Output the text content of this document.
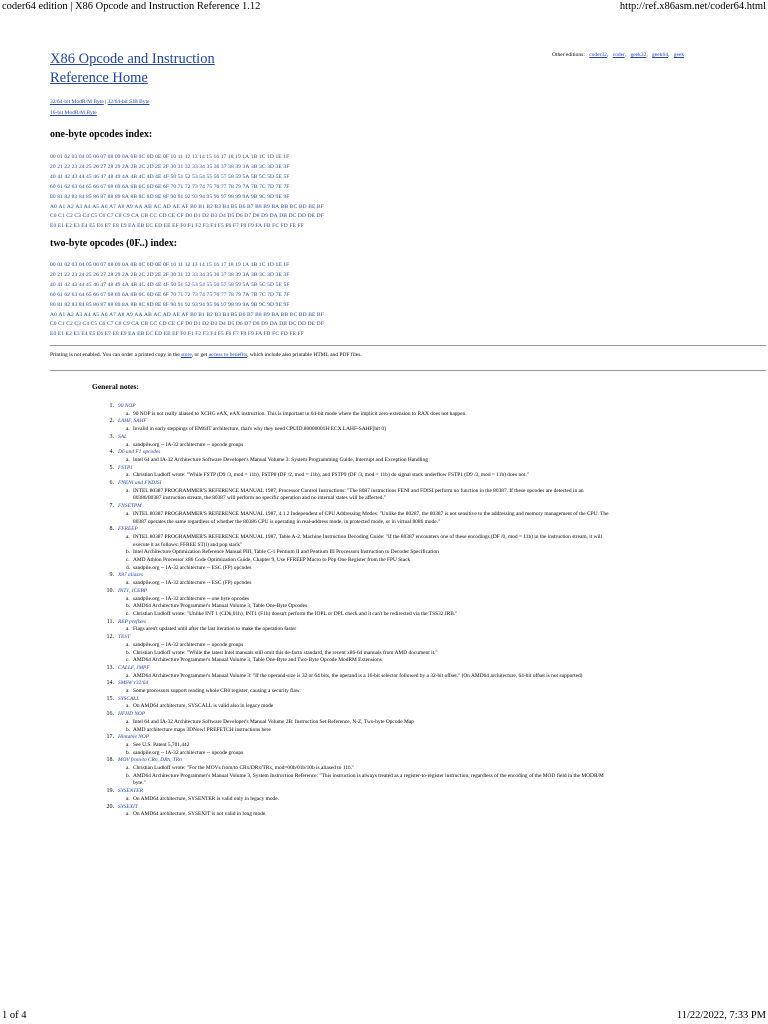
coder64 edition | X86 Opcode and Instruction Reference 1.12	http://ref.x86asm.net/coder64.html
X86 Opcode and Instruction Reference Home
Other editions: coder32, coder, geek32, geek64, geek
32/64-bit ModR/M Byte | 32/64-bit SIB Byte
16-bit ModR/M Byte
one-byte opcodes index:
00 01 02 03 04 05 06 07 08 09 0A 0B 0C 0D 0E 0F 10 11 12 13 14 15 16 17 18 19 1A 1B 1C 1D 1E 1F
20 21 22 23 24 25 26 27 28 29 2A 2B 2C 2D 2E 2F 30 31 32 33 34 35 36 37 38 39 3A 3B 3C 3D 3E 3F
40 41 42 43 44 45 46 47 48 49 4A 4B 4C 4D 4E 4F 50 51 52 53 54 55 56 57 58 59 5A 5B 5C 5D 5E 5F
60 61 62 63 64 65 66 67 68 69 6A 6B 6C 6D 6E 6F 70 71 72 73 74 75 76 77 78 79 7A 7B 7C 7D 7E 7F
80 81 82 83 84 85 86 87 88 89 8A 8B 8C 8D 8E 8F 90 91 92 93 94 95 96 97 98 99 9A 9B 9C 9D 9E 9F
A0 A1 A2 A3 A4 A5 A6 A7 A8 A9 AA AB AC AD AE AF B0 B1 B2 B3 B4 B5 B6 B7 B8 B9 BA BB BC BD BE BF
C0 C1 C2 C3 C4 C5 C6 C7 C8 C9 CA CB CC CD CE CF D0 D1 D2 D3 D4 D5 D6 D7 D8 D9 DA DB DC DD DE DF
E0 E1 E2 E3 E4 E5 E6 E7 E8 E9 EA EB EC ED EE EF F0 F1 F2 F3 F4 F5 F6 F7 F8 F9 FA FB FC FD FE FF
two-byte opcodes (0F..) index:
00 01 02 03 04 05 06 07 08 09 0A 0B 0C 0D 0E 0F 10 11 12 13 14 15 16 17 18 19 1A 1B 1C 1D 1E 1F
20 21 22 23 24 25 26 27 28 29 2A 2B 2C 2D 2E 2F 30 31 32 33 34 35 36 37 38 39 3A 3B 3C 3D 3E 3F
40 41 42 43 44 45 46 47 48 49 4A 4B 4C 4D 4E 4F 50 51 52 53 54 55 56 57 58 59 5A 5B 5C 5D 5E 5F
60 61 62 63 64 65 66 67 68 69 6A 6B 6C 6D 6E 6F 70 71 72 73 74 75 76 77 78 79 7A 7B 7C 7D 7E 7F
80 81 82 83 84 85 86 87 88 89 8A 8B 8C 8D 8E 8F 90 91 92 93 94 95 96 97 98 99 9A 9B 9C 9D 9E 9F
A0 A1 A2 A3 A4 A5 A6 A7 A8 A9 AA AB AC AD AE AF B0 B1 B2 B3 B4 B5 B6 B7 B8 B9 BA BB BC BD BE BF
C0 C1 C2 C3 C4 C5 C6 C7 C8 C9 CA CB CC CD CE CF D0 D1 D2 D3 D4 D5 D6 D7 D8 D9 DA DB DC DD DE DF
E0 E1 E2 E3 E4 E5 E6 E7 E8 E9 EA EB EC ED EE EF F0 F1 F2 F3 F4 F5 F6 F7 F8 F9 FA FB FC FD FE FF
Printing is not enabled. You can order a printed copy in the store, or get access to benefits, which include also printable HTML and PDF files.
General notes:
1. 90 NOP
a. 90 NOP is not really aliased to XCHG eAX, eAX instruction. This is important in 64-bit mode where the implicit zero-extension to RAX does not happen.
2. LAHF, SAHF
a. Invalid in early steppings of EM64T architecture, that's why they need CPUID.80000001H:ECX.LAHF-SAHF[bit 0]
3. SAL
a. sandpile.org -- IA-32 architecture -- opcode groups
4. D6 and F1 opcodes
a. Intel 64 and IA-32 Architecture Software Developer's Manual Volume 3: System Programming Guide, Interrupt and Exception Handling
5. FSTP1
a. Christian Ludloff wrote: "While FSTP (D9 /3, mod = 11b), FSTP8 (DF /2, mod = 11b), and FSTP9 (DF /3, mod = 11b) do signal stack underflow FSTP1 (D9 /3, mod = 11b) does not."
6. FNENI and FNDISI
a. INTEL 80387 PROGRAMMER'S REFERENCE MANUAL 1987, Processor Control Instructions: "The 8087 instructions FENI and FDISI perform no function in the 80387. If these opcodes are detected in an 80386/80387 instruction stream, the 80387 will perform no specific operation and no internal states will be affected."
7. FNSETPM
a. INTEL 80387 PROGRAMMER'S REFERENCE MANUAL 1987, 4.1.2 Independent of CPU Addressing Modes: "Unlike the 80287, the 80387 is not sensitive to the addressing and memory management of the CPU. The 80387 operates the same regardless of whether the 80386 CPU is operating in real-address mode, in protected mode, or in virtual 8086 mode."
8. FFREEP
a. INTEL 80387 PROGRAMMER'S REFERENCE MANUAL 1987, Table A-2. Machine Instruction Decoding Guide: "If the 80387 encounters one of these encodings (DF /0, mod = 11b) in the instruction stream, it will execute it as follows: FFREE ST(i) and pop stack"
b. Intel Architecture Optimization Reference Manual PIII, Table C-1 Pentium II and Pentium III Processors Instruction to Decoder Specification
c. AMD Athlon Processor x86 Code Optimization Guide, Chapter 9, Use FFREEP Macro to Pop One Register from the FPU Stack
d. sandpile.org -- IA-32 architecture -- ESC (FP) opcodes
9. X87 aliases
a. sandpile.org -- IA-32 architecture -- ESC (FP) opcodes
10. INT1, ICEBP
a. sandpile.org -- IA-32 architecture -- one byte opcodes
b. AMD64 Architecture Programmer's Manual Volume 3, Table One-Byte Opcodes
c. Christian Ludloff wrote: "Unlike INT 1 (CDh,01h), INT1 (F1h) doesn't perform the IOPL or DPL check and it can't be redirected via the TSS32.IRB."
11. REP prefixes
a. Flags aren't updated until after the last iteration to make the operation faster
12. TEST
a. sandpile.org -- IA-32 architecture -- opcode groups
b. Christian Ludloff wrote: "While the latest Intel manuals still omit this de-facto standard, the recent x86-64 manuals from AMD document it."
c. AMD64 Architecture Programmer's Manual Volume 3, Table One-Byte and Two-Byte Opcode ModRM Extensions
13. CALLF, JMPF
a. AMD64 Architecture Programmer's Manual Volume 3: "If the operand-size is 32 or 64 bits, the operand is a 16-bit selector followed by a 32-bit offset." (On AMD64 architecture, 64-bit offset is not supported)
14. SMSW r32/64
a. Some processors support reading whole CR0 register, causing a security flaw.
15. SYSCALL
a. On AMD64 architecture, SYSCALL is valid also in legacy mode
16. HFHD NOP
a. Intel 64 and IA-32 Architecture Software Developer's Manual Volume 2B: Instruction Set Reference, N-Z, Two-byte Opcode Map
b. AMD architecture maps 3DNow! PREFETCH instructions here
17. Hintable NOP
a. See U.S. Patent 5,701,442
b. sandpile.org -- IA-32 architecture -- opcode groups
18. MOV from/to CRn, DRn, TRn
a. Christian Ludloff wrote: "For the MOVs from/to CRx/DRx/TRx, mod=00b/01b/10b is aliased to 11b."
b. AMD64 Architecture Programmer's Manual Volume 3, System Instruction Reference: "This instruction is always treated as a register-to-register instruction, regardless of the encoding of the MOD field in the MODR/M byte."
19. SYSENTER
a. On AMD64 architecture, SYSENTER is valid only in legacy mode.
20. SYSEXIT
a. On AMD64 architecture, SYSEXIT is not valid in long mode.
1 of 4	11/22/2022, 7:33 PM
